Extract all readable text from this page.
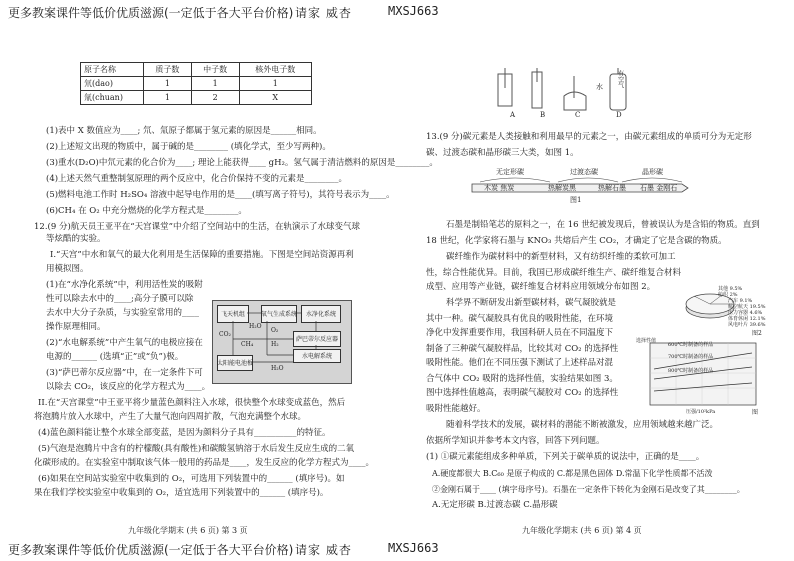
更多教案课件等低价优质滋源(一定低于各大平台价格) 请家 威杏	MXSJ663
原子名称	质子数	中子数	核外电子数
氘(dao)	1	1	1
氚(chuan)	1	2	X
(1)表中 X 数值应为____; 氘、氚原子都属于氢元素的原因是______相同。
(2)上述短文出现的物质中，属于碱的是________ (填化学式，至少写两种)。
(3)重水(D₂O)中氘元素的化合价为____; 理论上能获得____ gH₂。氢气属于清洁燃料的原因是________。
(4)上述天然气重整制氢原理的两个反应中，化合价保持不变的元素是________。
(5)燃料电池工作时 H₂SO₄ 溶液中起导电作用的是____(填写离子符号)，其符号表示为____。
(6)CH₄ 在 O₂ 中充分燃烧的化学方程式是________。
12.(9 分)航天员王亚平在“天宫课堂”中介绍了空间站中的生活，在轨演示了水球变气球
等炫酷的实验。
I.“天宫”中水和氧气的最大化利用是生活保障的重要措施。下图是空间站资源再利
用模拟图。
(1)在“水净化系统”中，利用活性炭的吸附
性可以除去水中的____;高分子膜可以除
去水中大分子杂质，与实验室常用的____
操作原理相同。
(2)“水电解系统”中产生氧气的电极应接在
电源的______ (选填“正”或“负”)极。
(3)“萨巴蒂尔反应器”中，在一定条件下可
以除去 CO₂，该反应的化学方程式为____。
飞天机组	氧气生成系统	水净化系统
萨巴蒂尔反应器
水电解系统
太阳能电池板
H₂O
CO₂
O₂
H₂
CH₄
H₂O
II.在“天宫课堂”中王亚平将少量蓝色颜料注入水球，很快整个水球变成蓝色，然后
将泡腾片放入水球中，产生了大量气泡向四周扩散，气泡充满整个水球。
(4)蓝色颜料能让整个水球全部变蓝，是因为颜料分子具有__________的特征。
(5)气泡是泡腾片中含有的柠檬酸(具有酸性)和碳酸氢钠溶于水后发生反应生成的二氧
化碳形成的。在实验室中制取该气体一般用的药品是____，发生反应的化学方程式为____。
(6)如果在空间站实验室中收集到的 O₂，可选用下列装置中的______ (填序号)。如
果在我们学校实验室中收集到的 O₂，适宜选用下列装置中的______ (填序号)。
九年级化学期末 (共 6 页) 第 3 页
A	B	C	D
水	有空气
13.(9 分)碳元素是人类接触和利用最早的元素之一，由碳元素组成的单质可分为无定形
碳、过渡态碳和晶形碳三大类，如图 1。
无定形碳	过渡态碳	晶形碳
木炭 焦炭	热解炭黑	热解石墨 石墨 金刚石
图1
石墨是制铅笔芯的原料之一，在 16 世纪被发现后，曾被误认为是含铅的物质。直到
18 世纪，化学家将石墨与 KNO₃ 共熔后产生 CO₂，才确定了它是含碳的物质。
碳纤维作为碳材料中的新型材料，又有纺织纤维的柔软可加工
性，综合性能优异。目前，我国已形成碳纤维生产、碳纤维复合材料
成型、应用等产业链，碳纤维复合材料应用领域分布如图 2。
科学界不断研发出新型碳材料，碳气凝胶就是
其中一种。碳气凝胶具有优良的吸附性能，在环境
净化中发挥重要作用，我国科研人员在不同温度下
制备了三种碳气凝胶样品，比较其对 CO₂ 的选择性
吸附性能。他们在不同压强下测试了上述样品对混
合气体中 CO₂ 吸附的选择性值，实验结果如图 3。
图中选择性值越高，表明碳气凝胶对 CO₂ 的选择性
吸附性能越好。
随着科学技术的发展，碳材料的潜能不断被激发，应用领域越来越广泛。
依据所学知识并参考本文内容，回答下列问题。
(1) ①碳元素能组成多种单质，下列关于碳单质的说法中，正确的是____。
A.硬度都很大 B.C₆₀ 是原子构成的 C.都是黑色固体 D.常温下化学性质都不活泼
②金刚石属于____ (填字母序号)。石墨在一定条件下转化为金刚石是改变了其________。
A.无定形碳 B.过渡态碳 C.晶形碳
其他 9.5%
纺织 2%
汽车 9.1%
航空航天 19.5%
压力容器 4.6%
体育休闲 12.1%
风电叶片 39.6%
图2
600℃时制备的样品
700℃时制备的样品
800℃时制备的样品
选择性值
压强/10²kPa	图
九年级化学期末 (共 6 页) 第 4 页
更多教案课件等低价优质滋源(一定低于各大平台价格) 请家 威杏	MXSJ663
